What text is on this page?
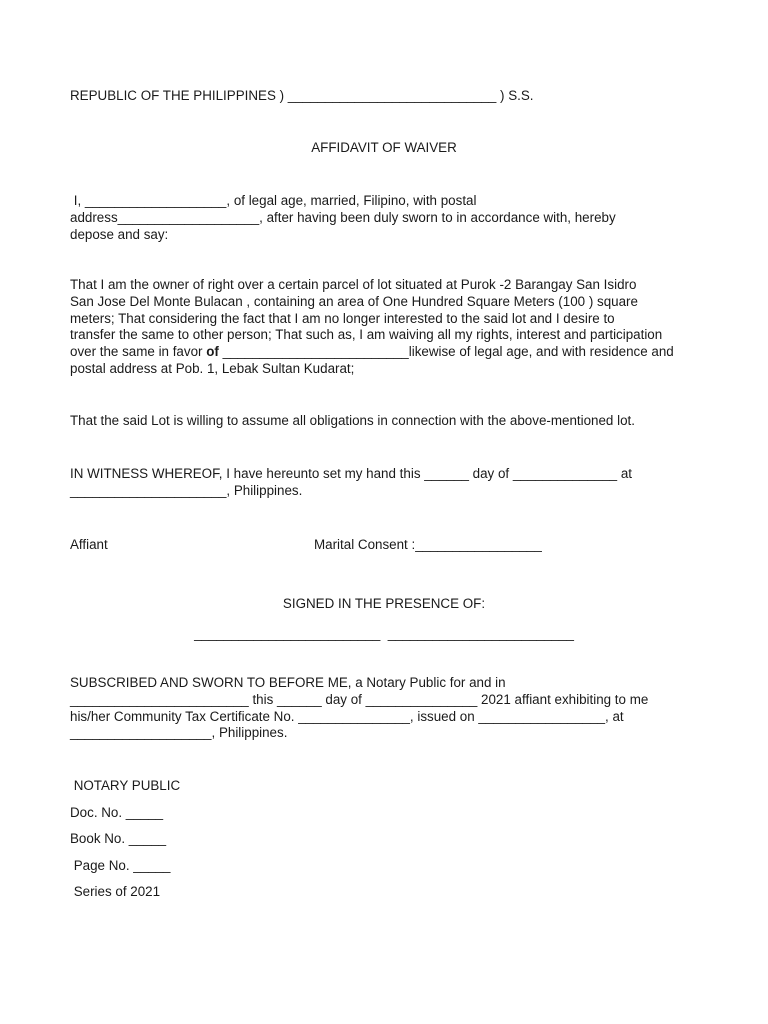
REPUBLIC OF THE PHILIPPINES ) ____________________________ ) S.S.
AFFIDAVIT OF WAIVER
I, ___________________, of legal age, married, Filipino, with postal
address___________________, after having been duly sworn to in accordance with, hereby
depose and say:
That I am the owner of right over a certain parcel of lot situated at Purok -2 Barangay San Isidro
San Jose Del Monte Bulacan , containing an area of One Hundred Square Meters (100 ) square
meters; That considering the fact that I am no longer interested to the said lot and I desire to
transfer the same to other person; That such as, I am waiving all my rights, interest and participation
over the same in favor of _________________________likewise of legal age, and with residence and
postal address at Pob. 1, Lebak Sultan Kudarat;
That the said Lot is willing to assume all obligations in connection with the above-mentioned lot.
IN WITNESS WHEREOF, I have hereunto set my hand this ______ day of ______________ at
_____________________, Philippines.
Affiant	Marital Consent :_________________
SIGNED IN THE PRESENCE OF:
_________________________  _________________________
SUBSCRIBED AND SWORN TO BEFORE ME, a Notary Public for and in
________________________ this ______ day of _______________ 2021 affiant exhibiting to me
his/her Community Tax Certificate No. _______________, issued on _________________, at
___________________, Philippines.
NOTARY PUBLIC
Doc. No. _____
Book No. _____
Page No. _____
Series of 2021
